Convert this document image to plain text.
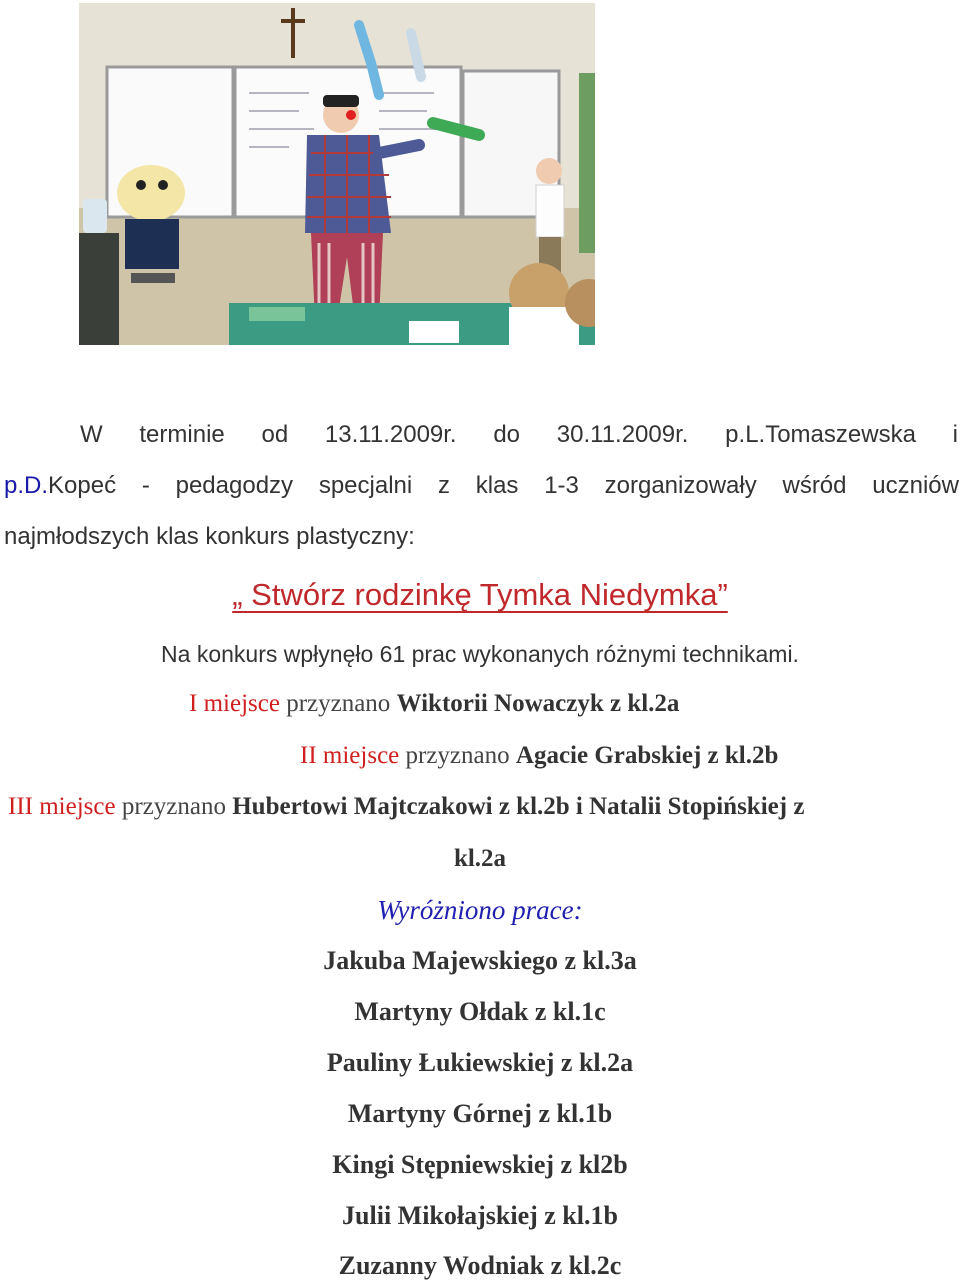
W terminie od 13.11.2009r. do 30.11.2009r. p.L.Tomaszewska i

p.D.Kopeć - pedagodzy specjalni z klas 1-3 zorganizowały wśród uczniów

najmłodszych klas konkurs plastyczny:

„ Stwórz rodzinkę Tymka Niedymka”

Na konkurs wpłynęło 61 prac wykonanych różnymi technikami.

I miejsce przyznano Wiktorii Nowaczyk z kl.2a

II miejsce przyznano Agacie Grabskiej z kl.2b

III miejsce przyznano Hubertowi Majtczakowi z kl.2b i Natalii Stopińskiej z

kl.2a

Wyróżniono prace:

Jakuba Majewskiego z kl.3a

Martyny Ołdak z kl.1c

Pauliny Łukiewskiej z kl.2a

Martyny Górnej z kl.1b

Kingi Stępniewskiej z kl2b

Julii Mikołajskiej z kl.1b

Zuzanny Wodniak z kl.2c
